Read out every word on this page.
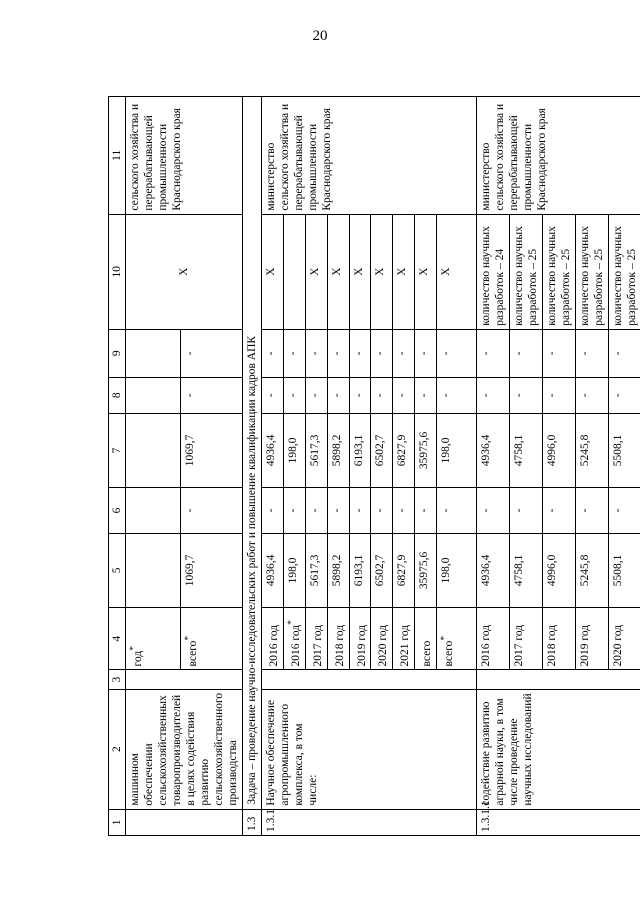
20
1	2	3	4	5	6	7	8	9	10	11
	машинном обеспечении сельскохозяйственных товаропроизводителей в целях содействия развитию сельскохозяйственного производства		год*						X	сельского хозяйства и перерабатывающей промышленности Краснодарского края
			всего*	1069,7	-	1069,7	-	-		
1.3	Задача – проведение научно-исследовательских работ и повышение квалификации кадров АПК									
1.3.1	Научное обеспечение агропромышленного комплекса, в том числе:		2016 год	4936,4	-	4936,4	-	-	X	министерство сельского хозяйства и перерабатывающей промышленности Краснодарского края
			2016 год*	198,0	-	198,0	-	-		
			2017 год	5617,3	-	5617,3	-	-	X	
			2018 год	5898,2	-	5898,2	-	-	X	
			2019 год	6193,1	-	6193,1	-	-	X	
			2020 год	6502,7	-	6502,7	-	-	X	
			2021 год	6827,9	-	6827,9	-	-	X	
			всего	35975,6	-	35975,6	-	-	X	
			всего*	198,0	-	198,0	-	-	X	
1.3.1.1	содействие развитию аграрной науки, в том числе проведение научных исследований		2016 год	4936,4	-	4936,4	-	-	количество научных разработок – 24	министерство сельского хозяйства и перерабатывающей промышленности Краснодарского края
			2017 год	4758,1	-	4758,1	-	-	количество научных разработок – 25	
			2018 год	4996,0	-	4996,0	-	-	количество научных разработок – 25	
			2019 год	5245,8	-	5245,8	-	-	количество научных разработок – 25	
			2020 год	5508,1	-	5508,1	-	-	количество научных разработок – 25	
